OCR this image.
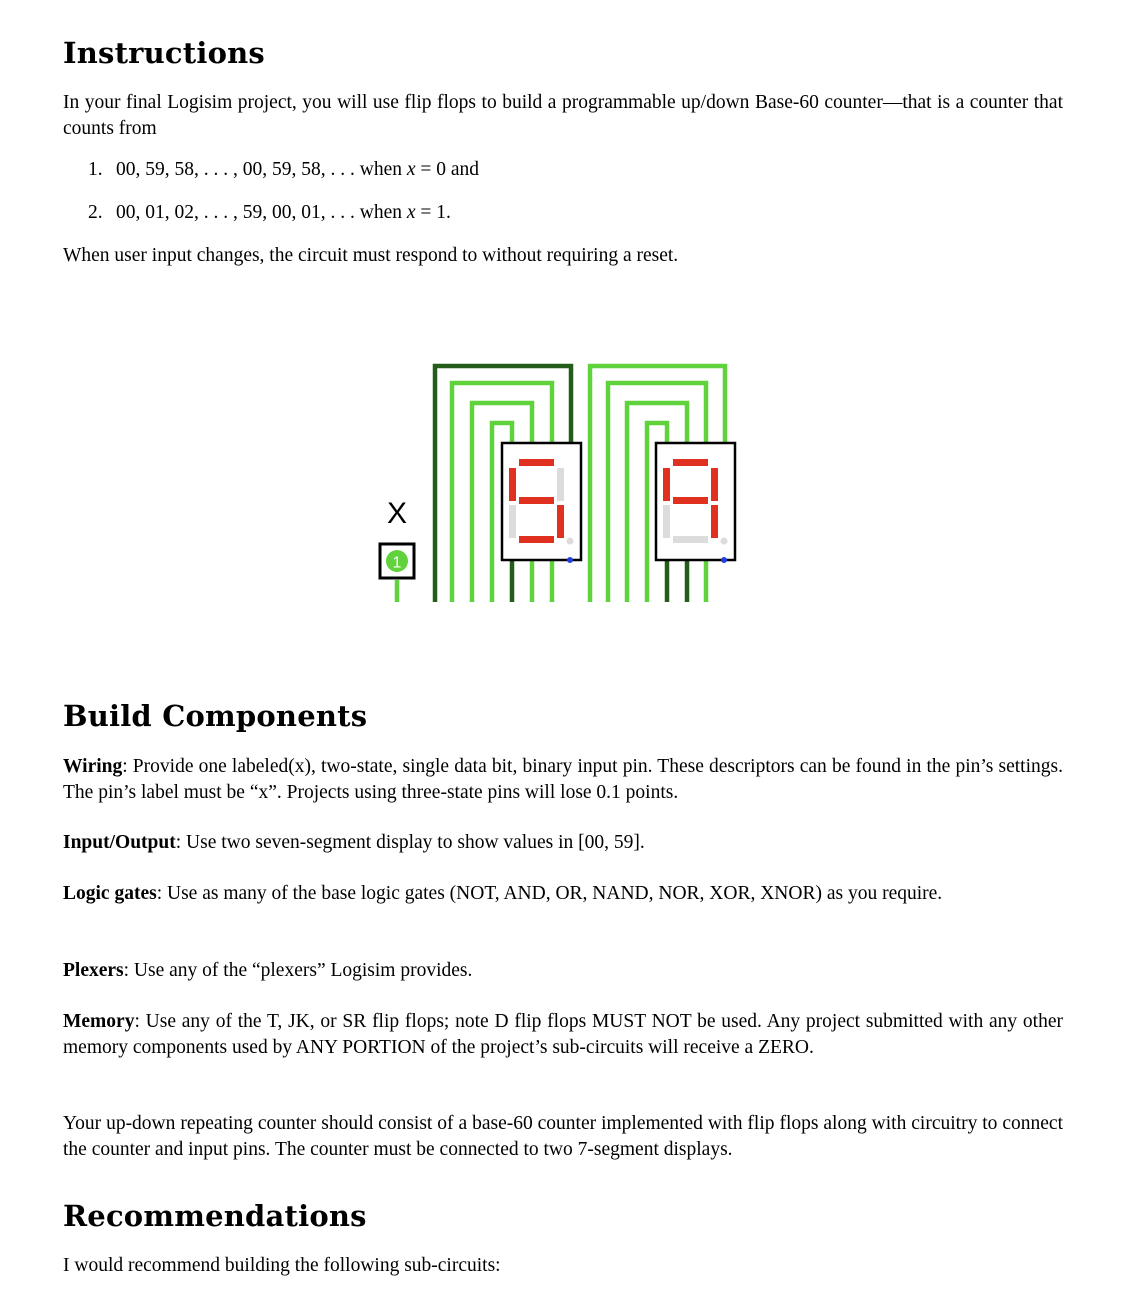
Instructions

In your final Logisim project, you will use flip flops to build a programmable up/down Base-60 counter—that is a counter that counts from

1. 00, 59, 58, . . . , 00, 59, 58, . . . when x = 0 and
2. 00, 01, 02, . . . , 59, 00, 01, . . . when x = 1.

When user input changes, the circuit must respond to without requiring a reset.

Build Components

Wiring: Provide one labeled(x), two-state, single data bit, binary input pin. These descriptors can be found in the pin’s settings. The pin’s label must be “x”. Projects using three-state pins will lose 0.1 points.

Input/Output: Use two seven-segment display to show values in [00, 59].

Logic gates: Use as many of the base logic gates (NOT, AND, OR, NAND, NOR, XOR, XNOR) as you require.

Plexers: Use any of the “plexers” Logisim provides.

Memory: Use any of the T, JK, or SR flip flops; note D flip flops MUST NOT be used. Any project submitted with any other memory components used by ANY PORTION of the project’s sub-circuits will receive a ZERO.

Your up-down repeating counter should consist of a base-60 counter implemented with flip flops along with circuitry to connect the counter and input pins. The counter must be connected to two 7-segment displays.

Recommendations

I would recommend building the following sub-circuits:

X
1
